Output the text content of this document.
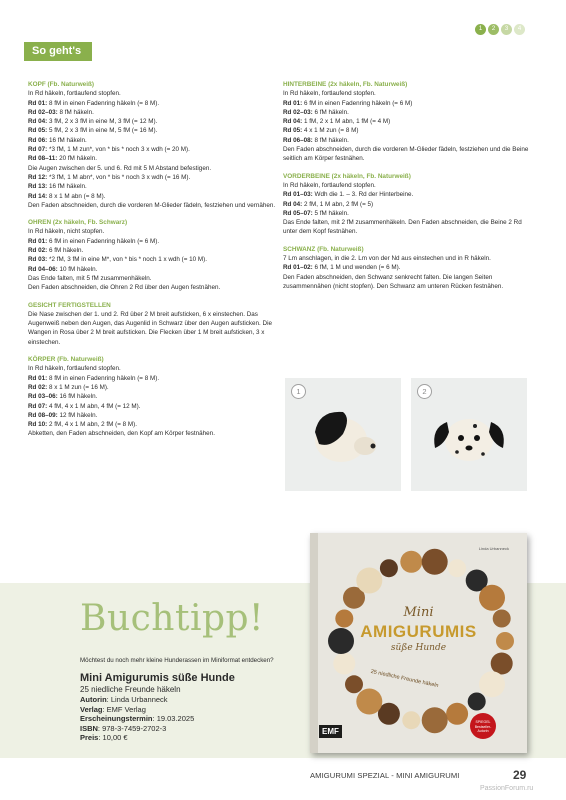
1	2	3	4
So geht's
KOPF (Fb. Naturweiß)

In Rd häkeln, fortlaufend stopfen.

Rd 01: 8 fM in einen Fadenring häkeln (= 8 M).

Rd 02–03: 8 fM häkeln.

Rd 04: 3 fM, 2 x 3 fM in eine M, 3 fM (= 12 M).

Rd 05: 5 fM, 2 x 3 fM in eine M, 5 fM (= 16 M).

Rd 06: 16 fM häkeln.

Rd 07: *3 fM, 1 M zun*, von * bis * noch 3 x wdh (= 20 M).

Rd 08–11: 20 fM häkeln.

Die Augen zwischen der 5. und 6. Rd mit 5 M Abstand befestigen.

Rd 12: *3 fM, 1 M abn*, von * bis * noch 3 x wdh (= 16 M).

Rd 13: 16 fM häkeln.

Rd 14: 8 x 1 M abn (= 8 M).

Den Faden abschneiden, durch die vorderen M-Glieder fädeln, festziehen und vernähen.

OHREN (2x häkeln, Fb. Schwarz)

In Rd häkeln, nicht stopfen.

Rd 01: 6 fM in einen Fadenring häkeln (= 6 M).

Rd 02: 6 fM häkeln.

Rd 03: *2 fM, 3 fM in eine M*, von * bis * noch 1 x wdh (= 10 M).

Rd 04–06: 10 fM häkeln.

Das Ende falten, mit 5 fM zusammenhäkeln.

Den Faden abschneiden, die Ohren 2 Rd über den Augen festnähen.

GESICHT FERTIGSTELLEN

Die Nase zwischen der 1. und 2. Rd über 2 M breit aufsticken, 6 x einstechen. Das Augenweiß neben den Augen, das Augenlid in Schwarz über den Augen aufsticken. Die Wangen in Rosa über 2 M breit aufsticken. Die Flecken über 1 M breit aufsticken, 3 x einstechen.

KÖRPER (Fb. Naturweiß)

In Rd häkeln, fortlaufend stopfen.

Rd 01: 8 fM in einen Fadenring häkeln (= 8 M).

Rd 02: 8 x 1 M zun (= 16 M).

Rd 03–06: 16 fM häkeln.

Rd 07: 4 fM, 4 x 1 M abn, 4 fM (= 12 M).

Rd 08–09: 12 fM häkeln.

Rd 10: 2 fM, 4 x 1 M abn, 2 fM (= 8 M).

Abketten, den Faden abschneiden, den Kopf am Körper festnähen.

HINTERBEINE (2x häkeln, Fb. Naturweiß)

In Rd häkeln, fortlaufend stopfen.

Rd 01: 6 fM in einen Fadenring häkeln (= 6 M)

Rd 02–03: 6 fM häkeln.

Rd 04: 1 fM, 2 x 1 M abn, 1 fM (= 4 M)

Rd 05: 4 x 1 M zun (= 8 M)

Rd 06–08: 8 fM häkeln.

Den Faden abschneiden, durch die vorderen M-Glieder fädeln, festziehen und die Beine seitlich am Körper festnähen.

VORDERBEINE (2x häkeln, Fb. Naturweiß)

In Rd häkeln, fortlaufend stopfen.

Rd 01–03: Wdh die 1. – 3. Rd der Hinterbeine.

Rd 04: 2 fM, 1 M abn, 2 fM (= 5)

Rd 05–07: 5 fM häkeln.

Das Ende falten, mit 2 fM zusammenhäkeln. Den Faden abschneiden, die Beine 2 Rd unter dem Kopf festnähen.

SCHWANZ (Fb. Naturweiß)

7 Lm anschlagen, in die 2. Lm von der Nd aus einstechen und in R häkeln.

Rd 01–02: 6 fM, 1 M und wenden (= 6 M).

Den Faden abschneiden, den Schwanz senkrecht falten. Die langen Seiten zusammennähen (nicht stopfen). Den Schwanz am unteren Rücken festnähen.

1	2
Buchtipp!
Möchtest du noch mehr kleine Hunderassen im Miniformat entdecken?
Mini Amigurumis süße Hunde
25 niedliche Freunde häkeln
Autorin: Linda Urbanneck
Verlag: EMF Verlag
Erscheinungstermin: 19.03.2025
ISBN: 978-3-7459-2702-3
Preis: 10,00 €
Linda Urbanneck
Mini
AMIGURUMIS
süße Hunde
25 niedliche Freunde häkeln
EMF
SPIEGEL Bestseller-Autorin
AMIGURUMI SPEZIAL - MINI AMIGURUMI	29
PassionForum.ru
